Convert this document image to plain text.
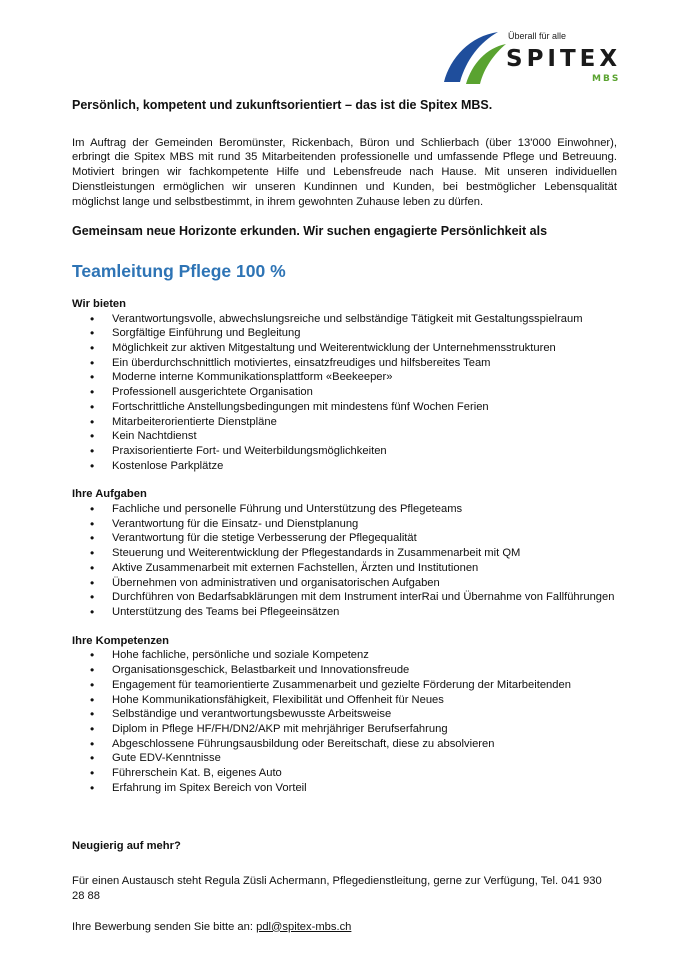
Überall für alle
SPITEX
MBS

Persönlich, kompetent und zukunftsorientiert – das ist die Spitex MBS.

Im Auftrag der Gemeinden Beromünster, Rickenbach, Büron und Schlierbach (über 13'000 Einwohner), erbringt die Spitex MBS mit rund 35 Mitarbeitenden professionelle und umfassende Pflege und Betreuung. Motiviert bringen wir fachkompetente Hilfe und Lebensfreude nach Hause. Mit unseren individuellen Dienstleistungen ermöglichen wir unseren Kundinnen und Kunden, bei bestmöglicher Lebensqualität möglichst lange und selbstbestimmt, in ihrem gewohnten Zuhause leben zu dürfen.

Gemeinsam neue Horizonte erkunden. Wir suchen engagierte Persönlichkeit als

Teamleitung Pflege 100 %

Wir bieten

• Verantwortungsvolle, abwechslungsreiche und selbständige Tätigkeit mit Gestaltungsspielraum
• Sorgfältige Einführung und Begleitung
• Möglichkeit zur aktiven Mitgestaltung und Weiterentwicklung der Unternehmensstrukturen
• Ein überdurchschnittlich motiviertes, einsatzfreudiges und hilfsbereites Team
• Moderne interne Kommunikationsplattform «Beekeeper»
• Professionell ausgerichtete Organisation
• Fortschrittliche Anstellungsbedingungen mit mindestens fünf Wochen Ferien
• Mitarbeiterorientierte Dienstpläne
• Kein Nachtdienst
• Praxisorientierte Fort- und Weiterbildungsmöglichkeiten
• Kostenlose Parkplätze

Ihre Aufgaben

• Fachliche und personelle Führung und Unterstützung des Pflegeteams
• Verantwortung für die Einsatz- und Dienstplanung
• Verantwortung für die stetige Verbesserung der Pflegequalität
• Steuerung und Weiterentwicklung der Pflegestandards in Zusammenarbeit mit QM
• Aktive Zusammenarbeit mit externen Fachstellen, Ärzten und Institutionen
• Übernehmen von administrativen und organisatorischen Aufgaben
• Durchführen von Bedarfsabklärungen mit dem Instrument interRai und Übernahme von Fallführungen
• Unterstützung des Teams bei Pflegeeinsätzen

Ihre Kompetenzen

• Hohe fachliche, persönliche und soziale Kompetenz
• Organisationsgeschick, Belastbarkeit und Innovationsfreude
• Engagement für teamorientierte Zusammenarbeit und gezielte Förderung der Mitarbeitenden
• Hohe Kommunikationsfähigkeit, Flexibilität und Offenheit für Neues
• Selbständige und verantwortungsbewusste Arbeitsweise
• Diplom in Pflege HF/FH/DN2/AKP mit mehrjähriger Berufserfahrung
• Abgeschlossene Führungsausbildung oder Bereitschaft, diese zu absolvieren
• Gute EDV-Kenntnisse
• Führerschein Kat. B, eigenes Auto
• Erfahrung im Spitex Bereich von Vorteil

Neugierig auf mehr?

Für einen Austausch steht Regula Züsli Achermann, Pflegedienstleitung, gerne zur Verfügung, Tel. 041 930 28 88

Ihre Bewerbung senden Sie bitte an: pdl@spitex-mbs.ch
